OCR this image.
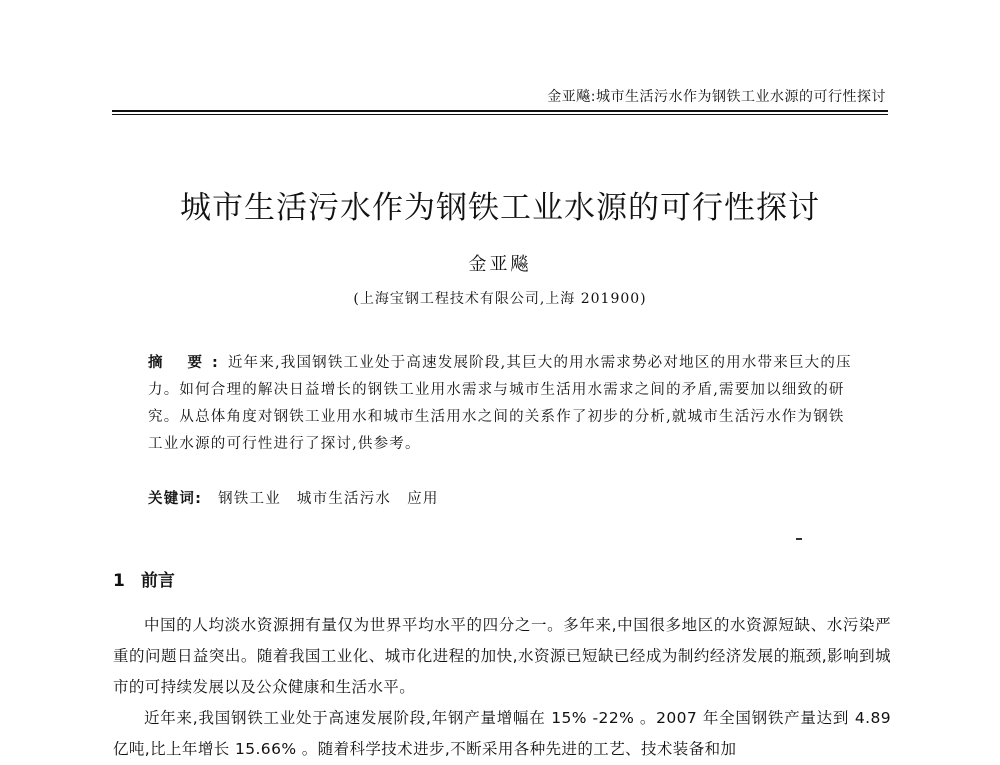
金亚飚:城市生活污水作为钢铁工业水源的可行性探讨
城市生活污水作为钢铁工业水源的可行性探讨
金亚飚
(上海宝钢工程技术有限公司,上海 201900)
摘 要:近年来,我国钢铁工业处于高速发展阶段,其巨大的用水需求势必对地区的用水带来巨大的压力。如何合理的解决日益增长的钢铁工业用水需求与城市生活用水需求之间的矛盾,需要加以细致的研究。从总体角度对钢铁工业用水和城市生活用水之间的关系作了初步的分析,就城市生活污水作为钢铁工业水源的可行性进行了探讨,供参考。
关键词: 钢铁工业 城市生活污水 应用
1 前言

中国的人均淡水资源拥有量仅为世界平均水平的四分之一。多年来,中国很多地区的水资源短缺、水污染严重的问题日益突出。随着我国工业化、城市化进程的加快,水资源已短缺已经成为制约经济发展的瓶颈,影响到城市的可持续发展以及公众健康和生活水平。

近年来,我国钢铁工业处于高速发展阶段,年钢产量增幅在 15% -22% 。2007 年全国钢铁产量达到 4.89 亿吨,比上年增长 15.66% 。随着科学技术进步,不断采用各种先进的工艺、技术装备和加
